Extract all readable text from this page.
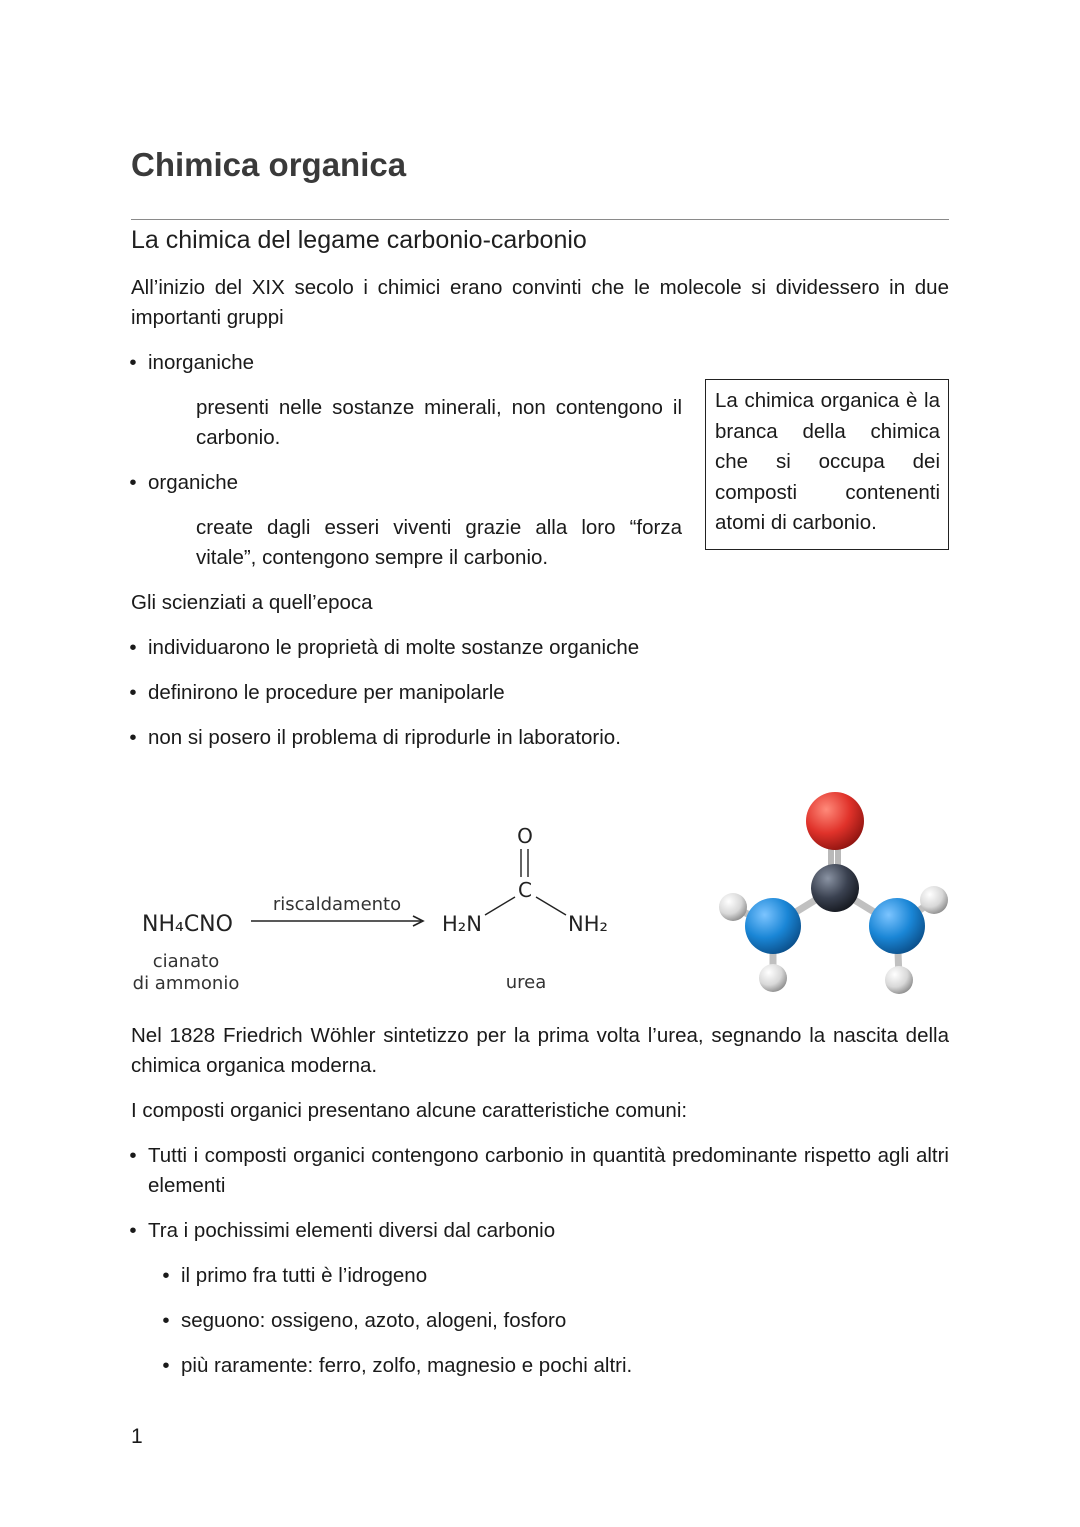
Chimica organica
La chimica del legame carbonio-carbonio
All’inizio del XIX secolo i chimici erano convinti che le molecole si dividessero in due importanti gruppi
• inorganiche
presenti nelle sostanze minerali, non contengono il carbonio.
• organiche
create dagli esseri viventi grazie alla loro “forza vitale”, contengono sempre il carbonio.
La chimica organica è la branca della chimica che si occupa dei composti contenenti atomi di carbonio.
Gli scienziati a quell’epoca
• individuarono le proprietà di molte sostanze organiche
• definirono le procedure per manipolarle
• non si posero il problema di riprodurle in laboratorio.
NH₄CNO
cianato
di ammonio
riscaldamento
O
C
H₂N	NH₂
urea
Nel 1828 Friedrich Wöhler sintetizzo per la prima volta l’urea, segnando la nascita della chimica organica moderna.
I composti organici presentano alcune caratteristiche comuni:
• Tutti i composti organici contengono carbonio in quantità predominante rispetto agli altri elementi
• Tra i pochissimi elementi diversi dal carbonio
• il primo fra tutti è l’idrogeno
• seguono: ossigeno, azoto, alogeni, fosforo
• più raramente: ferro, zolfo, magnesio e pochi altri.
1
